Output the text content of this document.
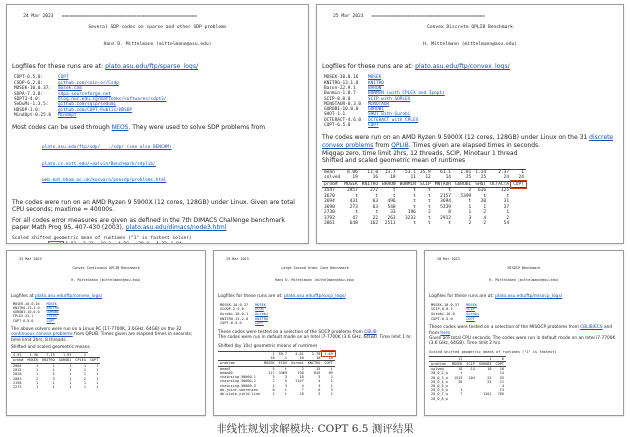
24 Mar 2023 =================================================

Several SDP-codes on sparse and other SDP problems

Hans D. Mittelmann (mittelmann@asu.edu)

Logfiles for these runs are at: plato.asu.edu/ftp/sparse_logs/
COPT-6.5.0:	COPT
CSDP-6.2.0:	github.com/coin-or/Csdp
MOSEK-10.0.37:	mosek.com
SDPA-7.3.8:	sdpa.sourceforge.net
SDPT3-4.0:	blog.nus.edu.sg/mattohkc/softwares/sdpt3/
SeDuMi-1.3.5:	github.com/sqlp/sedumi
HDSDP-1.0:	github.com/COPT-Public/HDSDP
MindOpt-0.25.0	MindOpt
Most codes can be used through NEOS. They were used to solve SDP problems from

plato.asu.edu/ftp/sdp/   ./sdp/ (see also BENCHM)

plato.cs.nott.edu/~aalvin/Benchmark/sdplib/

web.mat.bham.ac.uk/kocvara/pensdp/problems.html

The codes were run on an AMD Ryzen 9 5900X (12 cores, 128GB) under Linux. Given are total CPU seconds; maxtime = 40000s.
For all codes error measures are given as defined in the 7th DIMACS Challenge benchmark paper Math Prog 95, 407-430 (2003), plato.asu.edu/dimacs/node3.html
Scaled shifted geometric mean of runtimes ("1" is fastest solver)

25 Mar 2023 =========================================

Convex Discrete QPLIB Benchmark

H. Mittelmann (mittelmann@asu.edu)

Logfiles for these runs are at: plato.asu.edu/ftp/convex_logs/
MOSEK-10.0.16	MOSEK
KNITRO-13.1.0	KNITRO
Baron-22.9.1	BARON
Bonmin-1.8.7	BONMIN (with CPLEX and Ipopt)
SCIP-8.0.0	SCIP with SOPLEX
MINOTAUR-0.3.0	MINOTAUR
GUROBI-10.0.0	GUROBI
SHOT-1.1	SHOT with Gurobi
OCTERACT-4.6.0	OCTERACT with CPLEX
COPT-6.5.0	COPT
The codes were run on an AMD Ryzen 9 5900X (12 cores, 128GB) under Linux on the 31 discrete convex problems from QPLIB. Times given are elapsed times in seconds.
Miqgap zero, time limit 2hrs, 12 threads, SCIP, Minotaur 1 thread
Shifted and scaled geometric mean of runtimes
mean	8.06	13.0	13.7	53.1	35.9	61.1	1.81	1.14	2.37	1
solved	19	16	18	11	12	14	25	25	24	24
prob#	MOSEK	KNITRO	BARON	BONMIN	SCIP	MNTAUR	GUROBI	SHOT	OCTACTA	COPT
3547	2957	272	t	t	t	t	2	616	125	
3670	t	t	t	t	t	2157	5399	t	t	
3694	431	63	496	t	t	3694	t	20	31	
3690	273	63	548	t	t	5339	1	1	37	
2730	t	t	33	196	2	8	1	2	1	
3792	47	22	263	3232	t	2912	3	4	2	
3861	648	162	2511	t	t	t	2	2	54	

25 Mar 2023

Convex Continuous QPLIB Benchmark

H. Mittelmann (mittelmann@asu.edu)

Logfiles at plato.asu.edu/ftp/convex_logs/
MOSEK-10.0.16	MOSEK
KNITRO-13.1.0	KNITRO
GUROBI-10.0.0	GUROBI
CPLEX-22.1	CPLEX
COPT-6.5.0	COPT
The above solvers were run on a Linux PC (17-7700K, 3.6GHz, 64GB) on the 32 continuous convex problems from QPLIB. Times given are elapsed times in seconds; time limit 2hrs, 8 threads.
Shifted and scaled geometric means
4.91	1.36	7.15	1.93	1	
prob#	MOSEK	KNITRO	GUROBI	CPLEX	COPT
2004	1	1	1	1	1
2012	1	1	1	1	1
2028	1	1	1	1	1
2083	2	3	1	2	1
2198	1	1	1	1	1
2273	1	1	1	1	1

29 Mar 2023

Large Second Order Cone Benchmark

Hans D. Mittelmann (mittelmann@asu.edu)

Logfiles for these runs are at: plato.asu.edu/ftp/socp_logs/
MOSEK-10.0.37	MOSEK
SCOOP-2.5.0	ECOS
Gurobi-10.0.1	Gurobi
KNITRO-13.2.0	KNITRO
COPT-6.5.0	COPT
These codes were tested on a selection of the SOCP problems from CBLIB
The codes were run in default mode on an Intel i7-7700K (3.6 GHz, 64GB). Time limit 1 hr.
Shifted (by 10s) geometric means of runtimes
	1	59.7	4.01	2.78	1.69
	18	1	10	18	18
problem	MOSEK	ECOS	Gurobi	KNITRO	COPT
beam7	5	t	2	15	1
beam30	117	3469	158	645	89
chainsing-50000-1	3	3	18	3	2
chainsing-50000-2	2	5	1157	4	1
chainsing-50000-3	1	3	4	3	1
db-joint-soerensen	8	t	7	6	3
db-plate-yield-line	2	t	18	3	2

28 Mar 2023

MISOCP Benchmark

H. Mittelmann (mittelmann@asu.edu)

Logfiles for these runs are at: plato.asu.edu/ftp/misocp_logs/
MOSEK-10.0.37	MOSEK
SCIP-8.0.3	SCIP
Gurobi-10.0	Gurobi
COPT-6.5.0	COPT
These codes were tested on a selection of the MISOCP problems from CBLIB/ECS and from here
Given are total CPU seconds. The codes were run in default mode on an Intel i7-7700K (3.6 GHz, 64GB). Time limit 2 hrs.
Scaled shifted geometric means of runtimes ("1" is fastest)
	11		1	6
problem	MOSEK	SCIP	GUROBI	COPT
solved	18	14	18	16
20_0_2_w	t			14
20_0_3_w	1519	204	25	55
20_0_4_w	20		23	21
20_0_5_w				4
20_0_6_w	t			13
20_0_7_w	7		1201	785
20_0_8_w				
非线性规划求解模块: COPT 6.5 测评结果
